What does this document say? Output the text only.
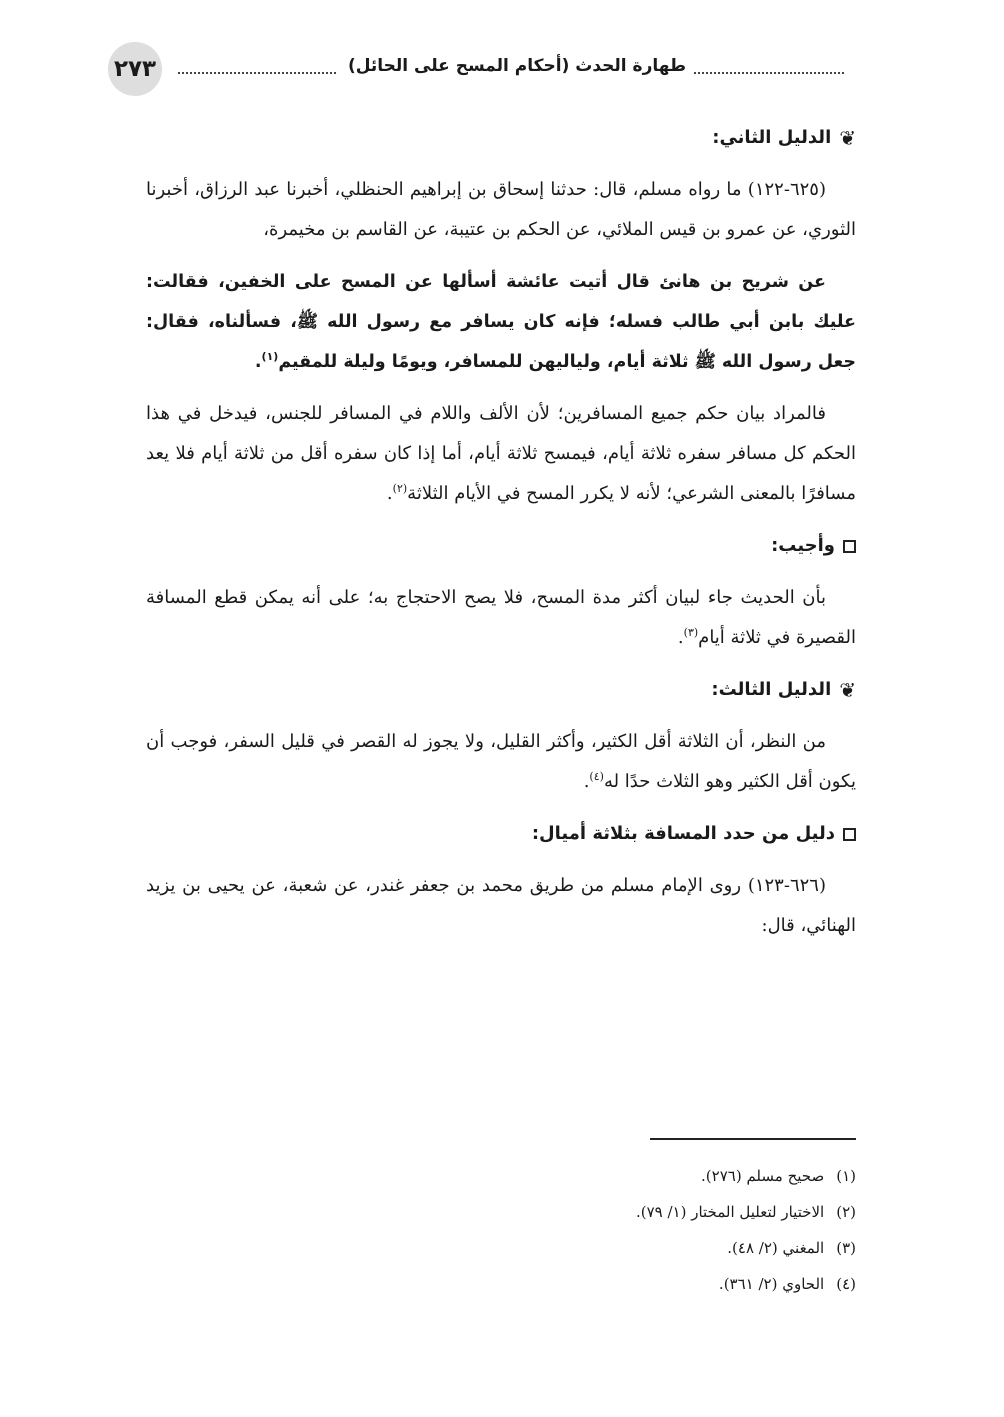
٢٧٣	طهارة الحدث (أحكام المسح على الحائل)
❦
الدليل الثاني:

(٦٢٥-١٢٢) ما رواه مسلم، قال: حدثنا إسحاق بن إبراهيم الحنظلي، أخبرنا عبد الرزاق، أخبرنا الثوري، عن عمرو بن قيس الملائي، عن الحكم بن عتيبة، عن القاسم بن مخيمرة،

عن شريح بن هانئ قال أتيت عائشة أسألها عن المسح على الخفين، فقالت: عليك بابن أبي طالب فسله؛ فإنه كان يسافر مع رسول الله ﷺ، فسألناه، فقال: جعل رسول الله ﷺ ثلاثة أيام، ولياليهن للمسافر، ويومًا وليلة للمقيم$^{(١)}$.

فالمراد بيان حكم جميع المسافرين؛ لأن الألف واللام في المسافر للجنس، فيدخل في هذا الحكم كل مسافر سفره ثلاثة أيام، فيمسح ثلاثة أيام، أما إذا كان سفره أقل من ثلاثة أيام فلا يعد مسافرًا بالمعنى الشرعي؛ لأنه لا يكرر المسح في الأيام الثلاثة$^{(٢)}$.

وأجيب:

بأن الحديث جاء لبيان أكثر مدة المسح، فلا يصح الاحتجاج به؛ على أنه يمكن قطع المسافة القصيرة في ثلاثة أيام$^{(٣)}$.

❦
الدليل الثالث:

من النظر، أن الثلاثة أقل الكثير، وأكثر القليل، ولا يجوز له القصر في قليل السفر، فوجب أن يكون أقل الكثير وهو الثلاث حدًا له$^{(٤)}$.

دليل من حدد المسافة بثلاثة أميال:

(٦٢٦-١٢٣) روى الإمام مسلم من طريق محمد بن جعفر غندر، عن شعبة، عن يحيى بن يزيد الهنائي، قال:

(١)
صحيح مسلم (٢٧٦).
(٢)
الاختيار لتعليل المختار (١/ ٧٩).
(٣)
المغني (٢/ ٤٨).
(٤)
الحاوي (٢/ ٣٦١).
